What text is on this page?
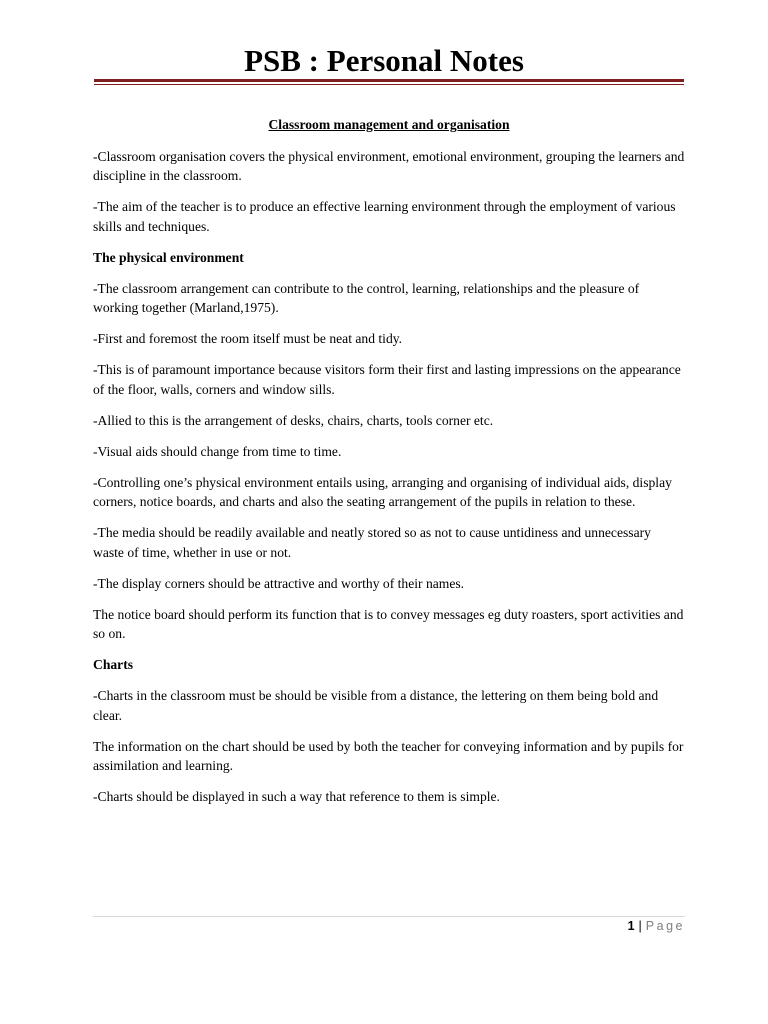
PSB : Personal Notes

Classroom management and organisation

-Classroom organisation covers the physical environment, emotional environment, grouping the learners and discipline in the classroom.

-The aim of the teacher is to produce an effective learning environment through the employment of various skills and techniques.

The physical environment

-The classroom arrangement can contribute to the control, learning, relationships and the pleasure of working together (Marland,1975).

-First and foremost the room itself must be neat and tidy.

-This is of paramount importance because visitors form their first and lasting impressions on the appearance of the floor, walls, corners and window sills.

-Allied to this is the arrangement of desks, chairs, charts, tools corner etc.

-Visual aids should change from time to time.

-Controlling one’s physical environment entails using, arranging and organising of individual aids, display corners, notice boards, and charts and also the seating arrangement of the pupils in relation to these.

-The media should be readily available and neatly stored so as not to cause untidiness and unnecessary waste of time, whether in use or not.

-The display corners should be attractive and worthy of their names.

The notice board should perform its function that is to convey messages eg duty roasters, sport activities and so on.

Charts

-Charts in the classroom must be should be visible from a distance, the lettering on them being bold and clear.

The information on the chart should be used by both the teacher for conveying information and by pupils for assimilation and learning.

-Charts should be displayed in such a way that reference to them is simple.

1 | Page
